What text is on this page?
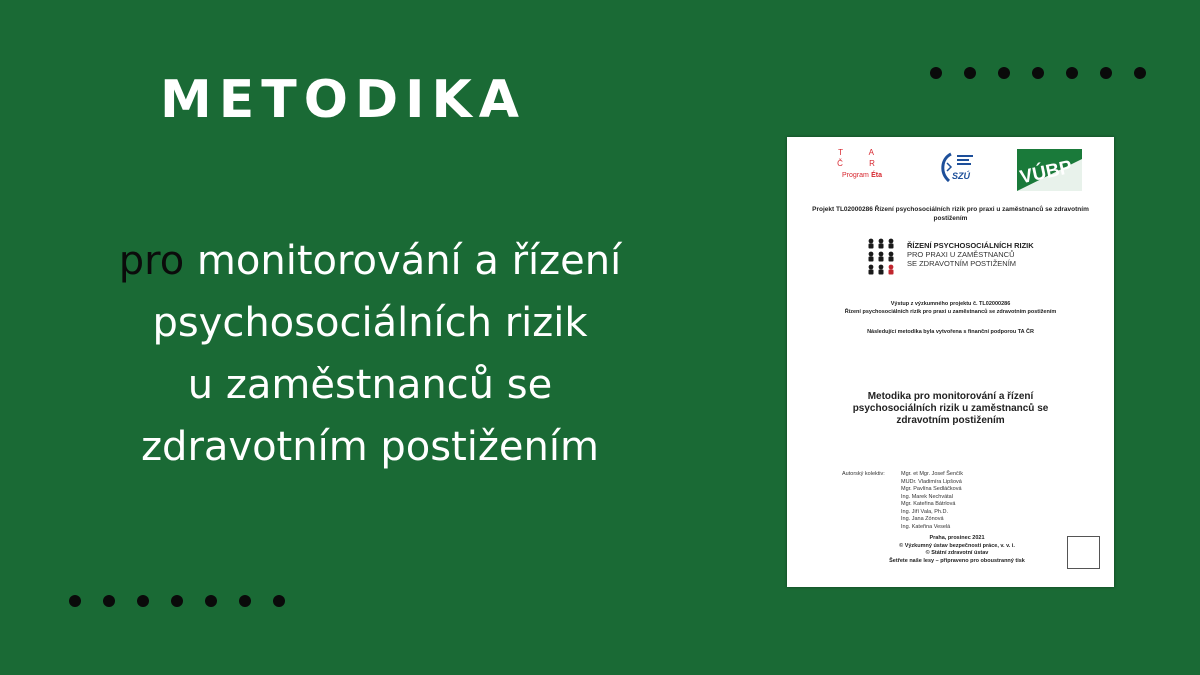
METODIKA
pro monitorování a řízení
psychosociálních rizik
u zaměstnanců se
zdravotním postižením
T A
Č R
Program Éta	SZÚ	VÚBP
Projekt TL02000286 Řízení psychosociálních rizik pro praxi u zaměstnanců se zdravotním postižením
ŘÍZENÍ PSYCHOSOCIÁLNÍCH RIZIK
PRO PRAXI U ZAMĚSTNANCŮ
SE ZDRAVOTNÍM POSTIŽENÍM
Výstup z výzkumného projektu č. TL02000286
Řízení psychosociálních rizik pro praxi u zaměstnanců se zdravotním postižením
Následující metodika byla vytvořena s finanční podporou TA ČR
Metodika pro monitorování a řízení psychosociálních rizik u zaměstnanců se zdravotním postižením
Autorský kolektiv:	Mgr. et Mgr. Josef Šenčík
MUDr. Vladimíra Lipšová
Mgr. Pavlína Sedláčková
Ing. Marek Nechvátal
Mgr. Kateřina Bátrlová
Ing. Jiří Vala, Ph.D.
Ing. Jana Zónová
Ing. Kateřina Veselá
Praha, prosinec 2021
© Výzkumný ústav bezpečnosti práce, v. v. i.
© Státní zdravotní ústav
Šetřete naše lesy – připraveno pro oboustranný tisk
